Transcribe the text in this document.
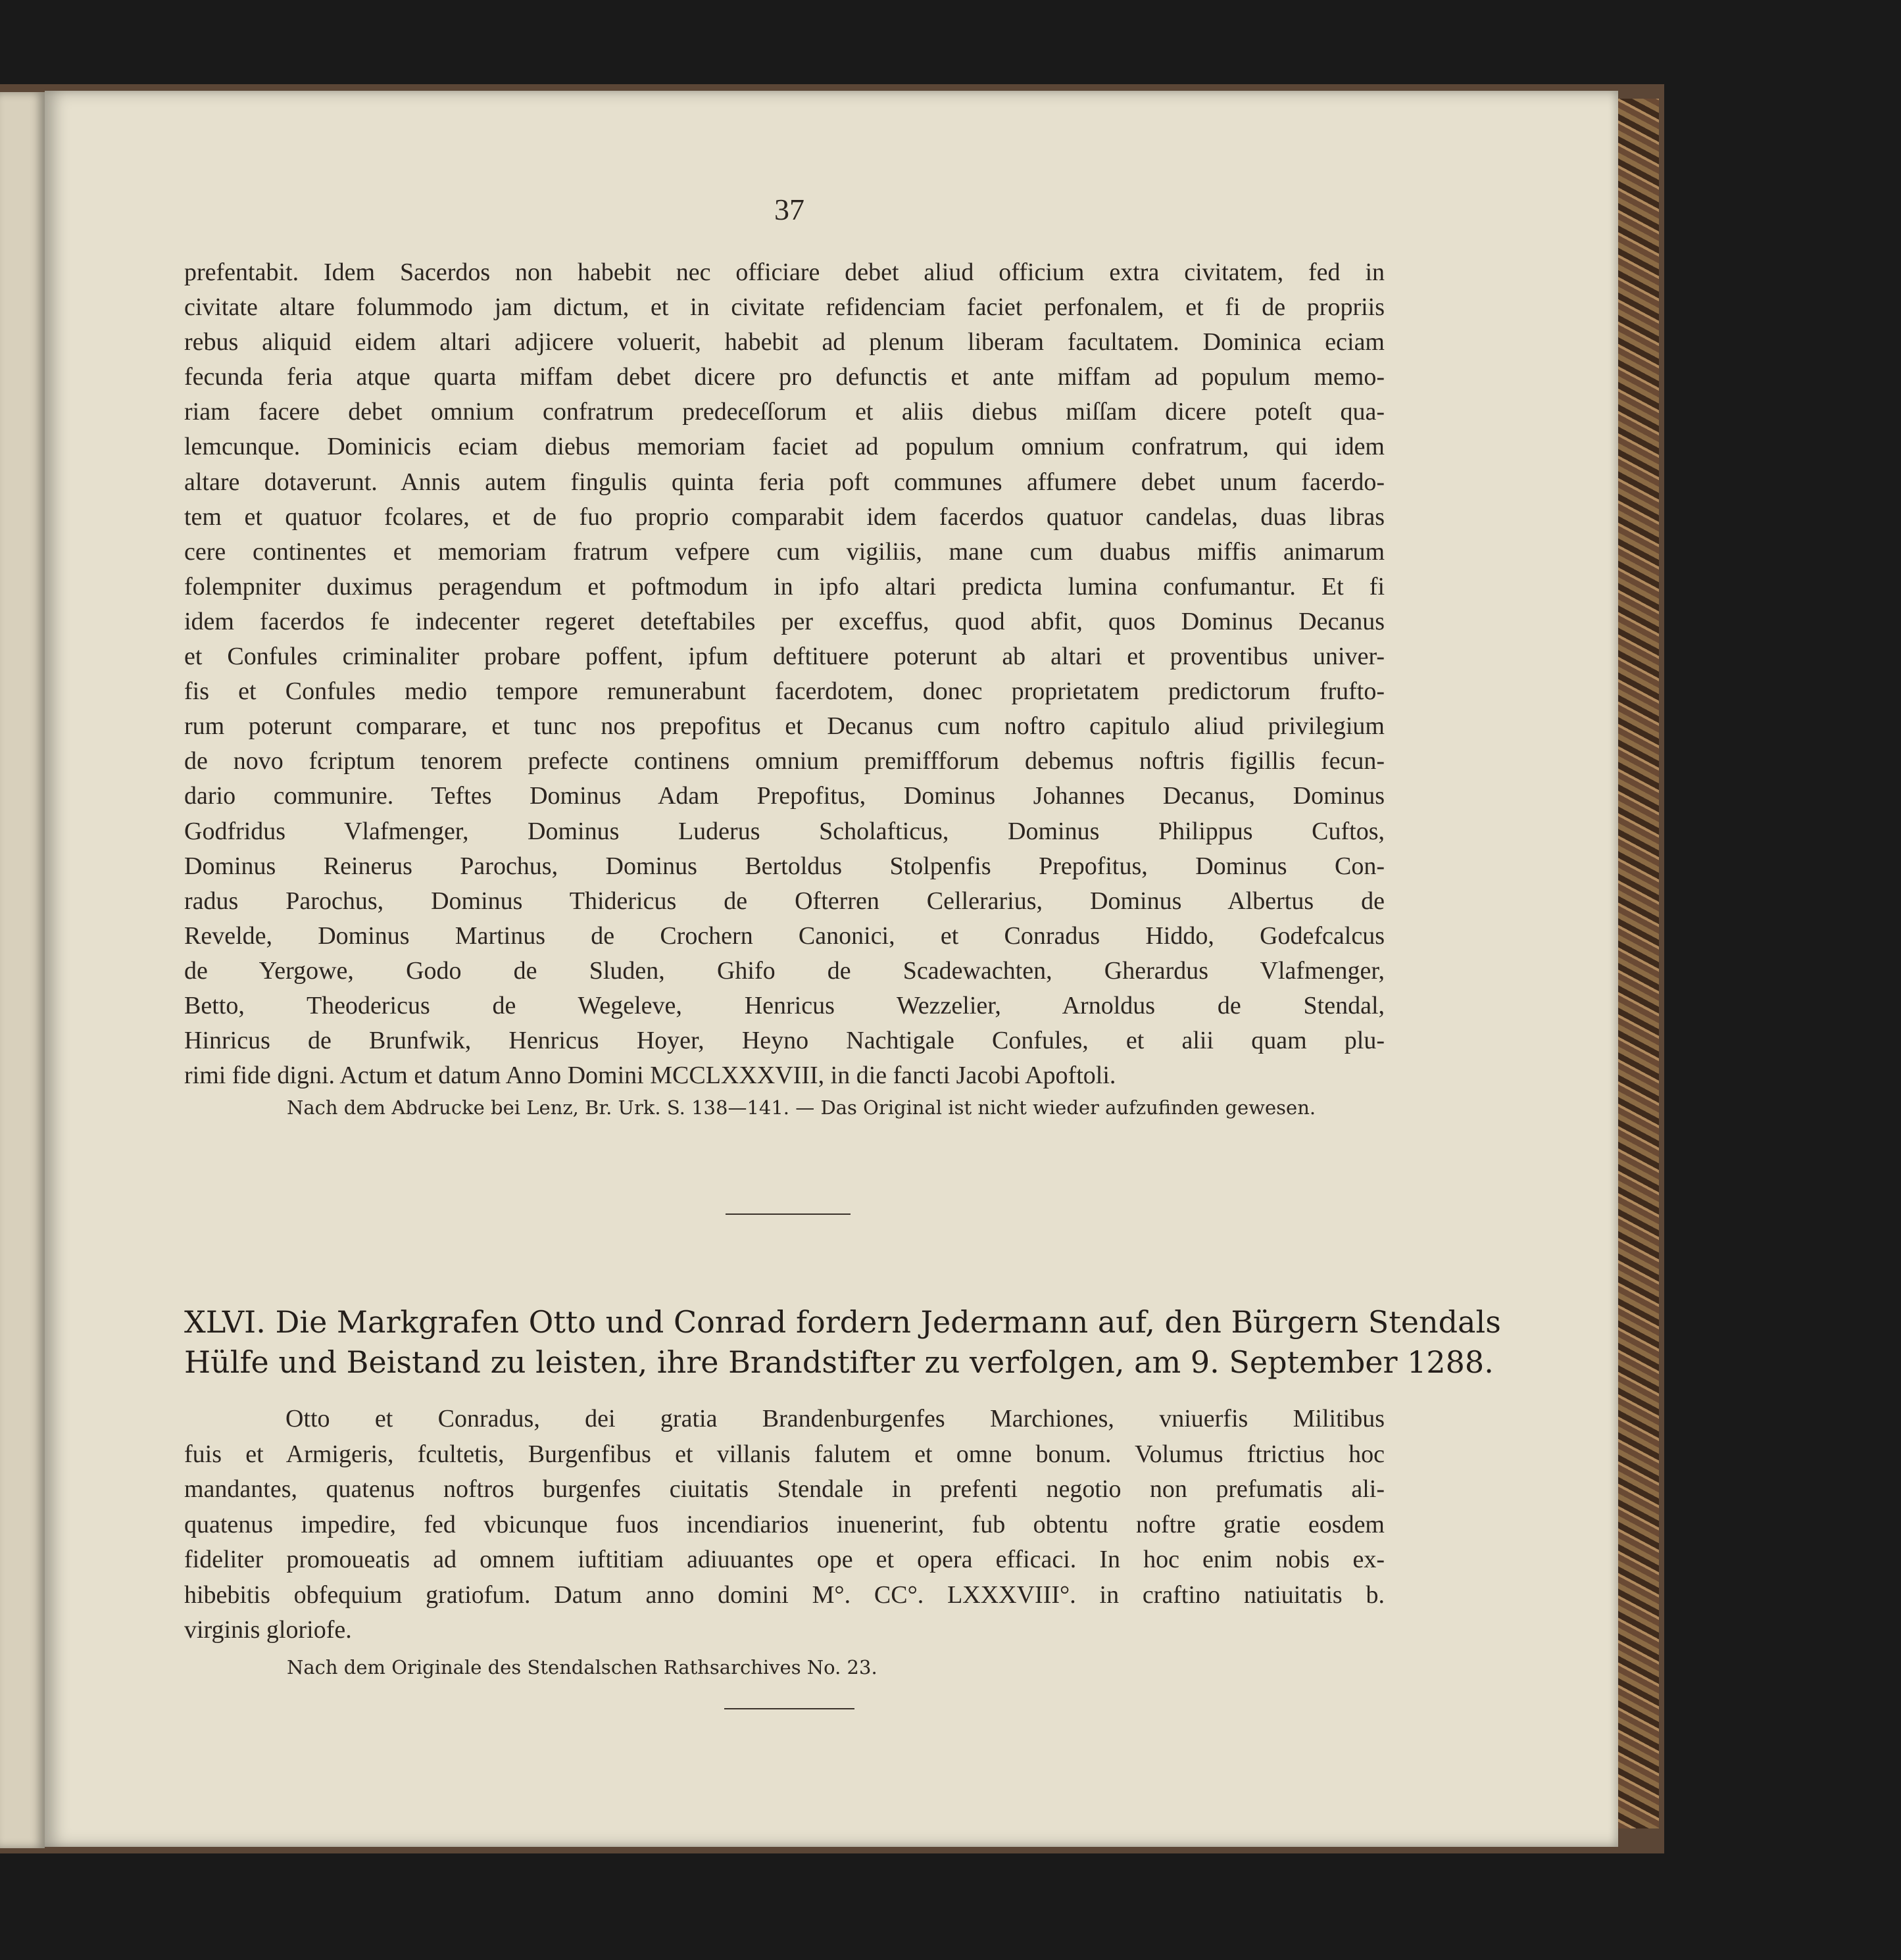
37
prefentabit. Idem Sacerdos non habebit nec officiare debet aliud officium extra civitatem, fed in
civitate altare folummodo jam dictum, et in civitate refidenciam faciet perfonalem, et fi de propriis
rebus aliquid eidem altari adjicere voluerit, habebit ad plenum liberam facultatem. Dominica eciam
fecunda feria atque quarta miffam debet dicere pro defunctis et ante miffam ad populum memo-
riam facere debet omnium confratrum predeceſſorum et aliis diebus miſſam dicere poteſt qua-
lemcunque. Dominicis eciam diebus memoriam faciet ad populum omnium confratrum, qui idem
altare dotaverunt. Annis autem fingulis quinta feria poft communes affumere debet unum facerdo-
tem et quatuor fcolares, et de fuo proprio comparabit idem facerdos quatuor candelas, duas libras
cere continentes et memoriam fratrum vefpere cum vigiliis, mane cum duabus miffis animarum
folempniter duximus peragendum et poftmodum in ipfo altari predicta lumina confumantur. Et fi
idem facerdos fe indecenter regeret deteftabiles per exceffus, quod abfit, quos Dominus Decanus
et Confules criminaliter probare poffent, ipfum deftituere poterunt ab altari et proventibus univer-
fis et Confules medio tempore remunerabunt facerdotem, donec proprietatem predictorum frufto-
rum poterunt comparare, et tunc nos prepofitus et Decanus cum noftro capitulo aliud privilegium
de novo fcriptum tenorem prefecte continens omnium premiffforum debemus noftris figillis fecun-
dario communire. Teftes Dominus Adam Prepofitus, Dominus Johannes Decanus, Dominus
Godfridus Vlafmenger, Dominus Luderus Scholafticus, Dominus Philippus Cuftos,
Dominus Reinerus Parochus, Dominus Bertoldus Stolpenfis Prepofitus, Dominus Con-
radus Parochus, Dominus Thidericus de Ofterren Cellerarius, Dominus Albertus de
Revelde, Dominus Martinus de Crochern Canonici, et Conradus Hiddo, Godefcalcus
de Yergowe, Godo de Sluden, Ghifo de Scadewachten, Gherardus Vlafmenger,
Betto, Theodericus de Wegeleve, Henricus Wezzelier, Arnoldus de Stendal,
Hinricus de Brunfwik, Henricus Hoyer, Heyno Nachtigale Confules, et alii quam plu-
rimi fide digni. Actum et datum Anno Domini MCCLXXXVIII, in die fancti Jacobi Apoftoli.
Nach dem Abdrucke bei Lenz, Br. Urk. S. 138—141. — Das Original ist nicht wieder aufzufinden gewesen.
XLVI. Die Markgrafen Otto und Conrad fordern Jedermann auf, den Bürgern Stendals
Hülfe und Beistand zu leisten, ihre Brandstifter zu verfolgen, am 9. September 1288.
Otto et Conradus, dei gratia Brandenburgenfes Marchiones, vniuerfis Militibus
fuis et Armigeris, fcultetis, Burgenfibus et villanis falutem et omne bonum. Volumus ftrictius hoc
mandantes, quatenus noftros burgenfes ciuitatis Stendale in prefenti negotio non prefumatis ali-
quatenus impedire, fed vbicunque fuos incendiarios inuenerint, fub obtentu noftre gratie eosdem
fideliter promoueatis ad omnem iuftitiam adiuuantes ope et opera efficaci. In hoc enim nobis ex-
hibebitis obfequium gratiofum. Datum anno domini M°. CC°. LXXXVIII°. in craftino natiuitatis b.
virginis gloriofe.
Nach dem Originale des Stendalschen Rathsarchives No. 23.
